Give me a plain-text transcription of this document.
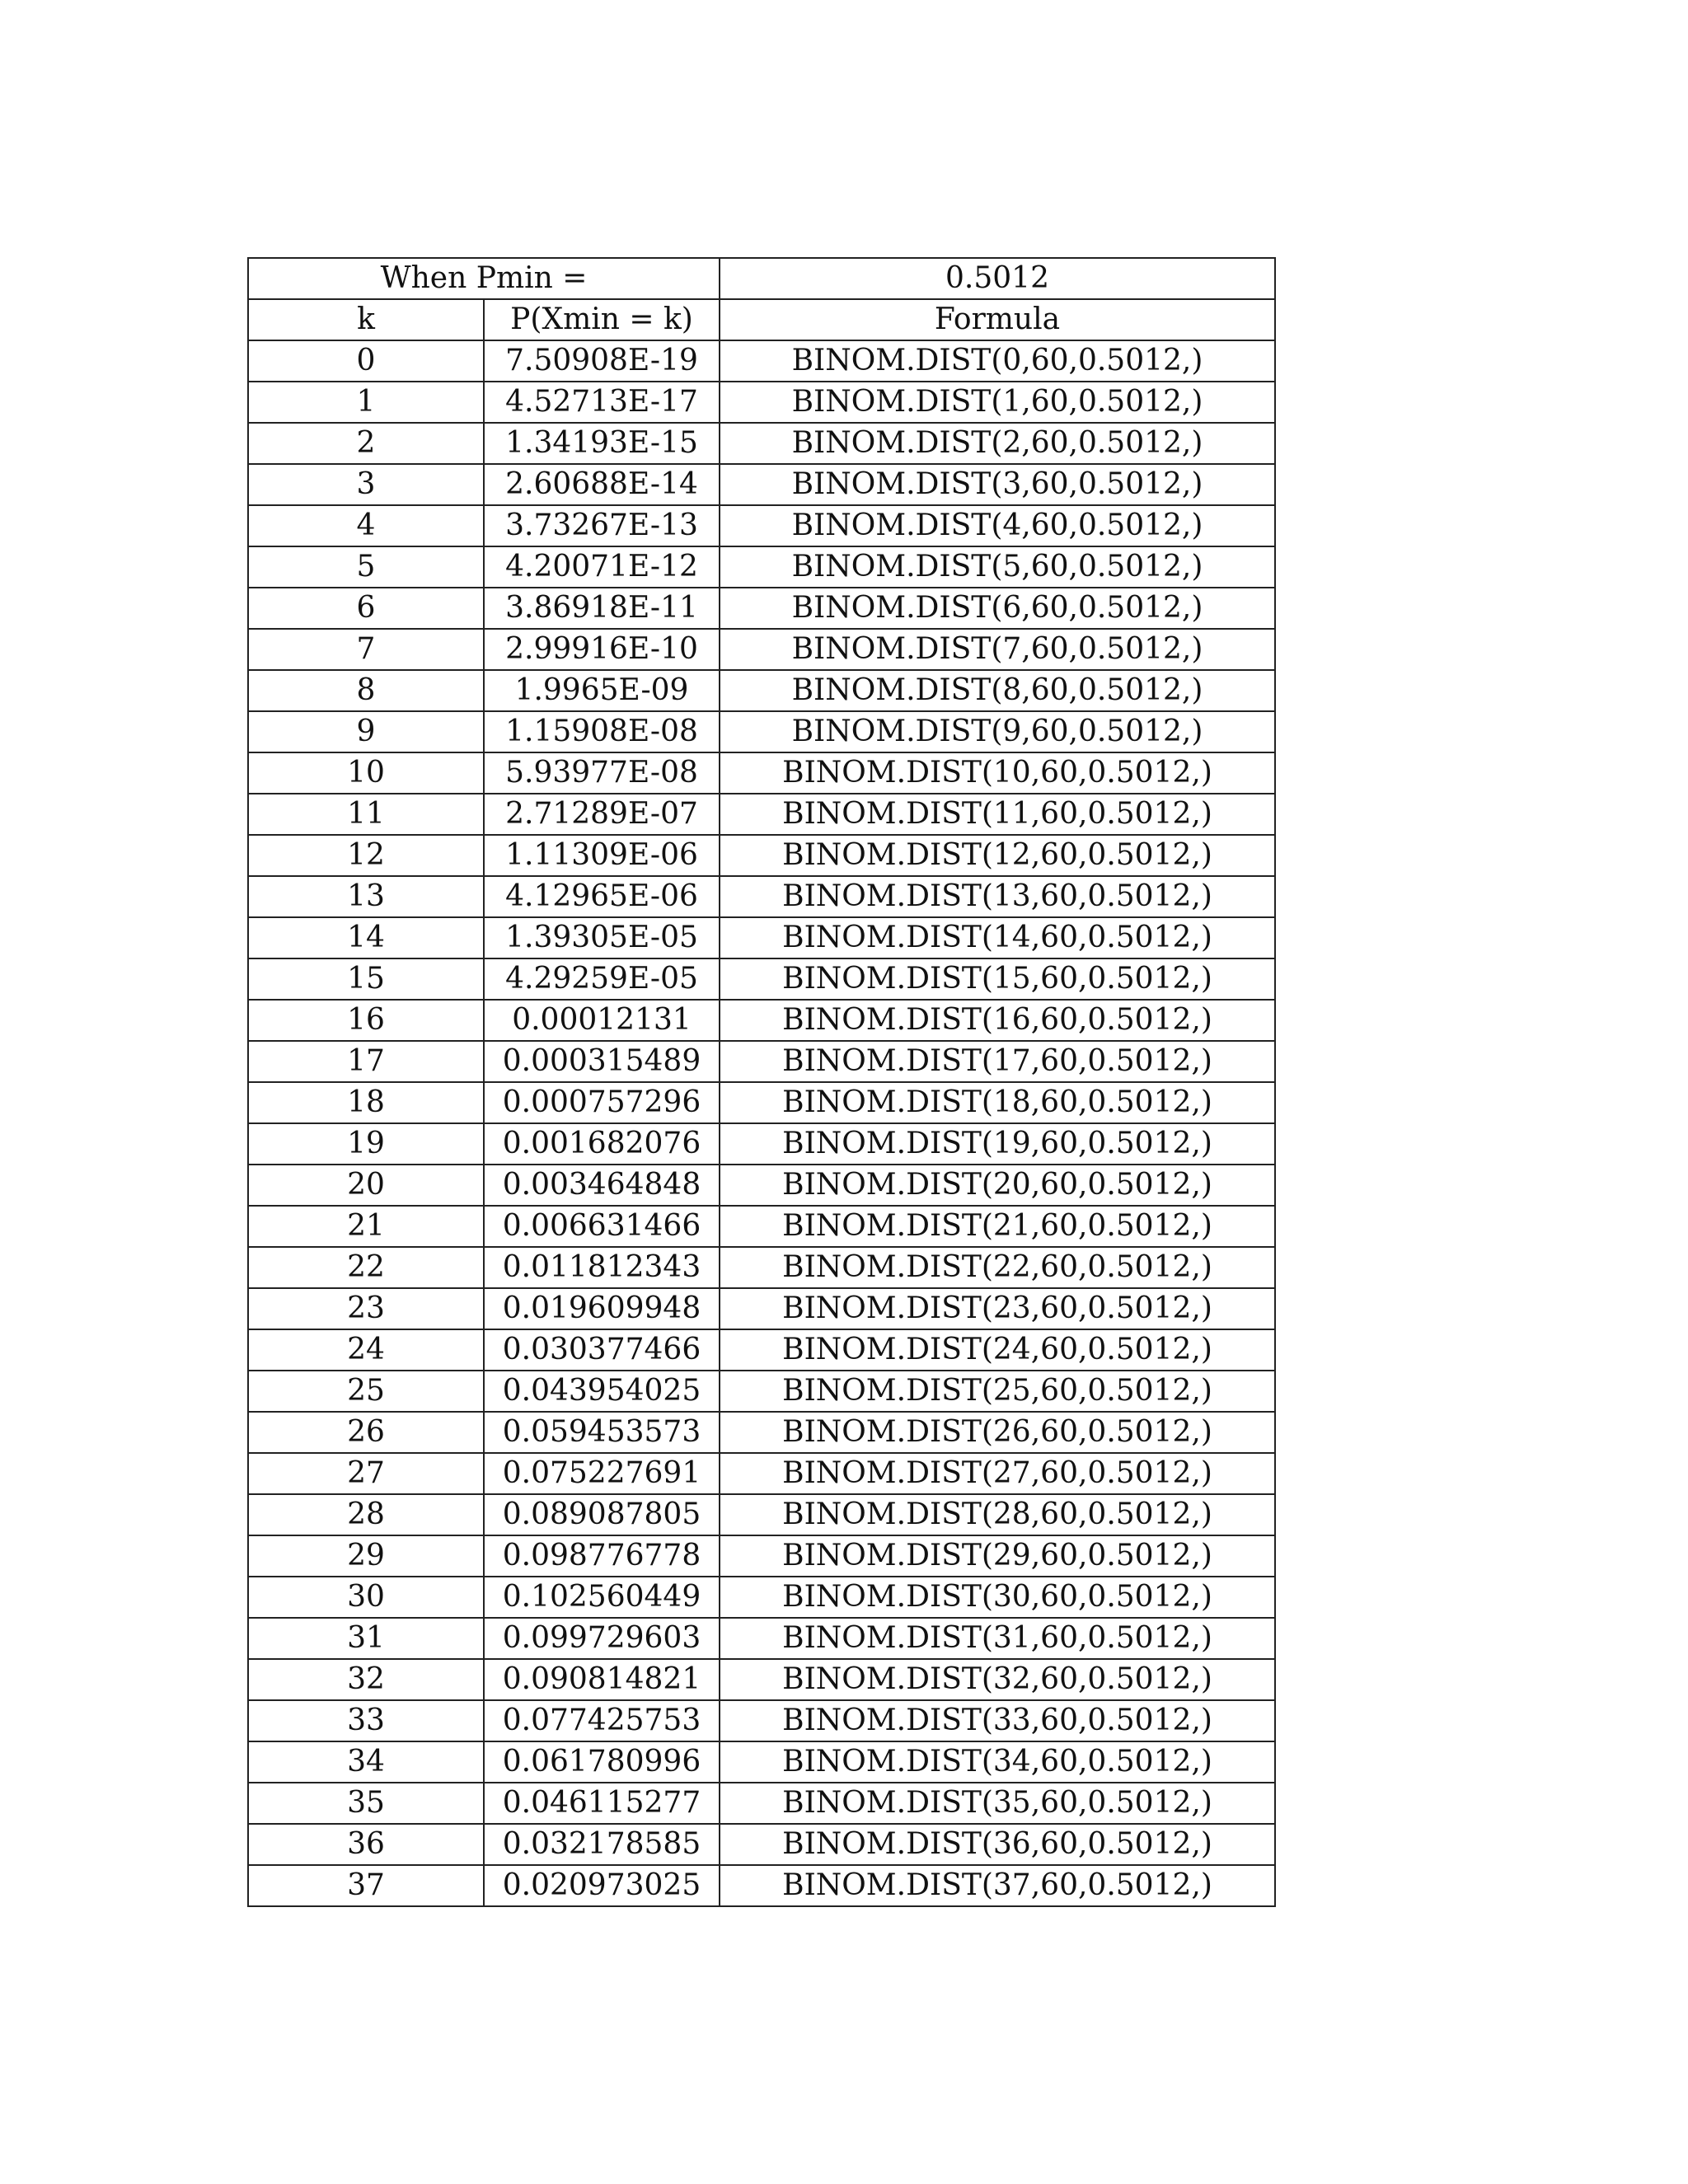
When Pmin =		0.5012
k	P(Xmin = k)	Formula
0	7.50908E-19	BINOM.DIST(0,60,0.5012,)
1	4.52713E-17	BINOM.DIST(1,60,0.5012,)
2	1.34193E-15	BINOM.DIST(2,60,0.5012,)
3	2.60688E-14	BINOM.DIST(3,60,0.5012,)
4	3.73267E-13	BINOM.DIST(4,60,0.5012,)
5	4.20071E-12	BINOM.DIST(5,60,0.5012,)
6	3.86918E-11	BINOM.DIST(6,60,0.5012,)
7	2.99916E-10	BINOM.DIST(7,60,0.5012,)
8	1.9965E-09	BINOM.DIST(8,60,0.5012,)
9	1.15908E-08	BINOM.DIST(9,60,0.5012,)
10	5.93977E-08	BINOM.DIST(10,60,0.5012,)
11	2.71289E-07	BINOM.DIST(11,60,0.5012,)
12	1.11309E-06	BINOM.DIST(12,60,0.5012,)
13	4.12965E-06	BINOM.DIST(13,60,0.5012,)
14	1.39305E-05	BINOM.DIST(14,60,0.5012,)
15	4.29259E-05	BINOM.DIST(15,60,0.5012,)
16	0.00012131	BINOM.DIST(16,60,0.5012,)
17	0.000315489	BINOM.DIST(17,60,0.5012,)
18	0.000757296	BINOM.DIST(18,60,0.5012,)
19	0.001682076	BINOM.DIST(19,60,0.5012,)
20	0.003464848	BINOM.DIST(20,60,0.5012,)
21	0.006631466	BINOM.DIST(21,60,0.5012,)
22	0.011812343	BINOM.DIST(22,60,0.5012,)
23	0.019609948	BINOM.DIST(23,60,0.5012,)
24	0.030377466	BINOM.DIST(24,60,0.5012,)
25	0.043954025	BINOM.DIST(25,60,0.5012,)
26	0.059453573	BINOM.DIST(26,60,0.5012,)
27	0.075227691	BINOM.DIST(27,60,0.5012,)
28	0.089087805	BINOM.DIST(28,60,0.5012,)
29	0.098776778	BINOM.DIST(29,60,0.5012,)
30	0.102560449	BINOM.DIST(30,60,0.5012,)
31	0.099729603	BINOM.DIST(31,60,0.5012,)
32	0.090814821	BINOM.DIST(32,60,0.5012,)
33	0.077425753	BINOM.DIST(33,60,0.5012,)
34	0.061780996	BINOM.DIST(34,60,0.5012,)
35	0.046115277	BINOM.DIST(35,60,0.5012,)
36	0.032178585	BINOM.DIST(36,60,0.5012,)
37	0.020973025	BINOM.DIST(37,60,0.5012,)
